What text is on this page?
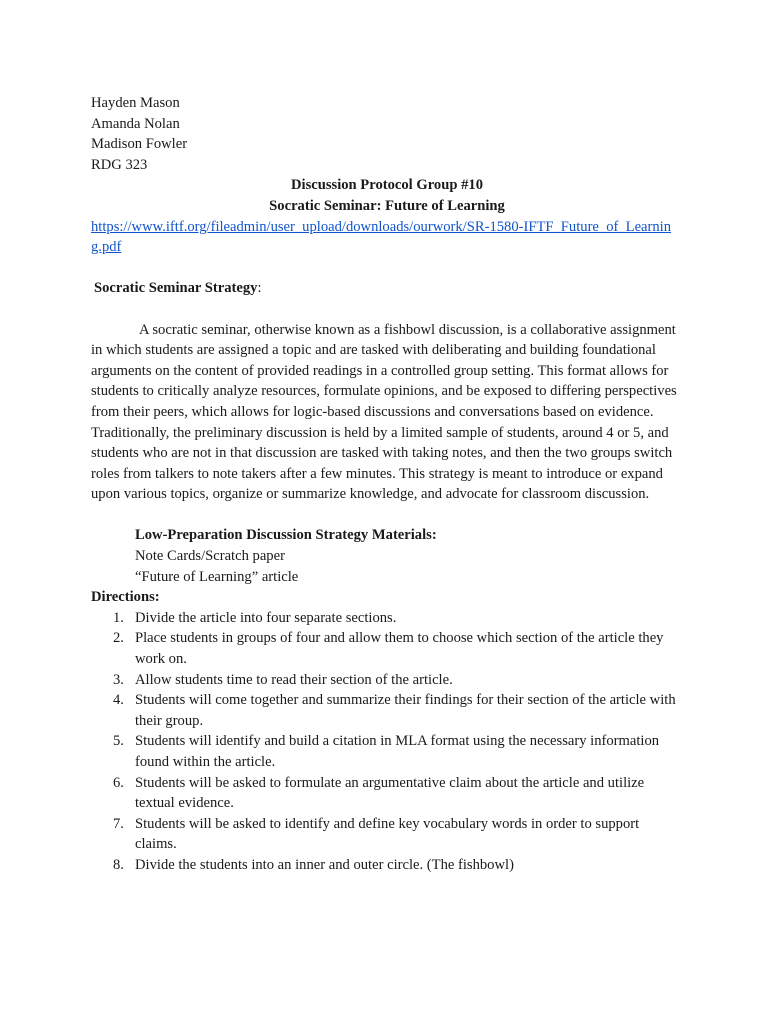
Hayden Mason
Amanda Nolan
Madison Fowler
RDG 323
Discussion Protocol Group #10
Socratic Seminar: Future of Learning
https://www.iftf.org/fileadmin/user_upload/downloads/ourwork/SR-1580-IFTF_Future_of_Learning.pdf
Socratic Seminar Strategy:
A socratic seminar, otherwise known as a fishbowl discussion, is a collaborative assignment in which students are assigned a topic and are tasked with deliberating and building foundational arguments on the content of provided readings in a controlled group setting. This format allows for students to critically analyze resources, formulate opinions, and be exposed to differing perspectives from their peers, which allows for logic-based discussions and conversations based on evidence. Traditionally, the preliminary discussion is held by a limited sample of students, around 4 or 5, and students who are not in that discussion are tasked with taking notes, and then the two groups switch roles from talkers to note takers after a few minutes. This strategy is meant to introduce or expand upon various topics, organize or summarize knowledge, and advocate for classroom discussion.
Low-Preparation Discussion Strategy Materials:
Note Cards/Scratch paper
“Future of Learning” article
Directions:
1. Divide the article into four separate sections.
2. Place students in groups of four and allow them to choose which section of the article they work on.
3. Allow students time to read their section of the article.
4. Students will come together and summarize their findings for their section of the article with their group.
5. Students will identify and build a citation in MLA format using the necessary information found within the article.
6. Students will be asked to formulate an argumentative claim about the article and utilize textual evidence.
7. Students will be asked to identify and define key vocabulary words in order to support claims.
8. Divide the students into an inner and outer circle. (The fishbowl)
